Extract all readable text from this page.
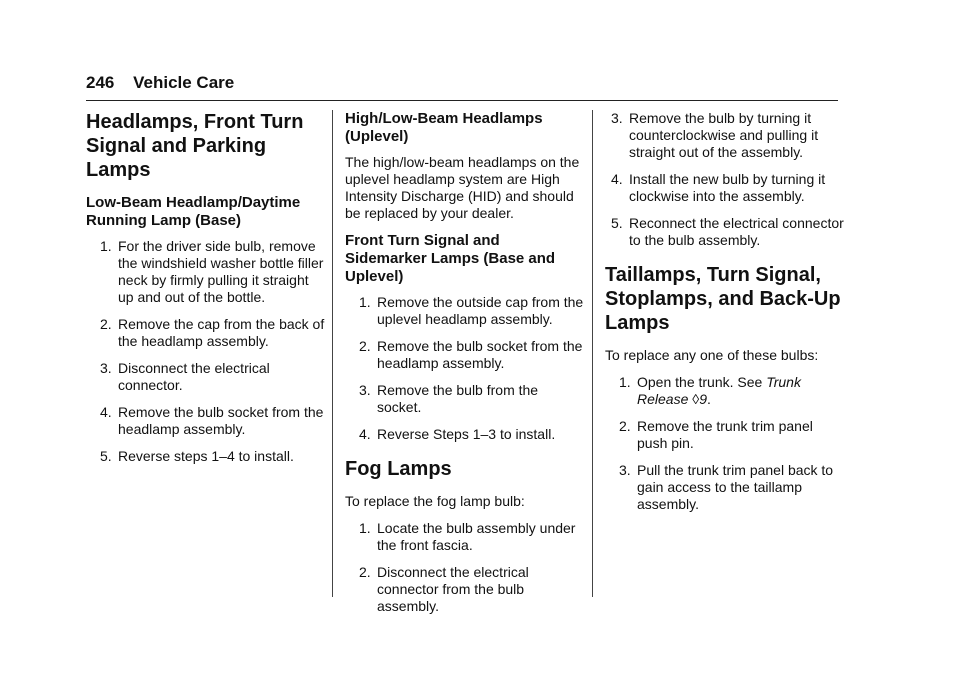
246 Vehicle Care
Headlamps, Front Turn Signal and Parking Lamps
Low-Beam Headlamp/Daytime Running Lamp (Base)
1. For the driver side bulb, remove the windshield washer bottle filler neck by firmly pulling it straight up and out of the bottle.
2. Remove the cap from the back of the headlamp assembly.
3. Disconnect the electrical connector.
4. Remove the bulb socket from the headlamp assembly.
5. Reverse steps 1–4 to install.
High/Low-Beam Headlamps (Uplevel)

The high/low-beam headlamps on the uplevel headlamp system are High Intensity Discharge (HID) and should be replaced by your dealer.

Front Turn Signal and Sidemarker Lamps (Base and Uplevel)
1. Remove the outside cap from the uplevel headlamp assembly.
2. Remove the bulb socket from the headlamp assembly.
3. Remove the bulb from the socket.
4. Reverse Steps 1–3 to install.
Fog Lamps

To replace the fog lamp bulb:

1. Locate the bulb assembly under the front fascia.
2. Disconnect the electrical connector from the bulb assembly.
3. Remove the bulb by turning it counterclockwise and pulling it straight out of the assembly.
4. Install the new bulb by turning it clockwise into the assembly.
5. Reconnect the electrical connector to the bulb assembly.
Taillamps, Turn Signal, Stoplamps, and Back-Up Lamps

To replace any one of these bulbs:

1. Open the trunk. See Trunk Release ◊9.
2. Remove the trunk trim panel push pin.
3. Pull the trunk trim panel back to gain access to the taillamp assembly.
